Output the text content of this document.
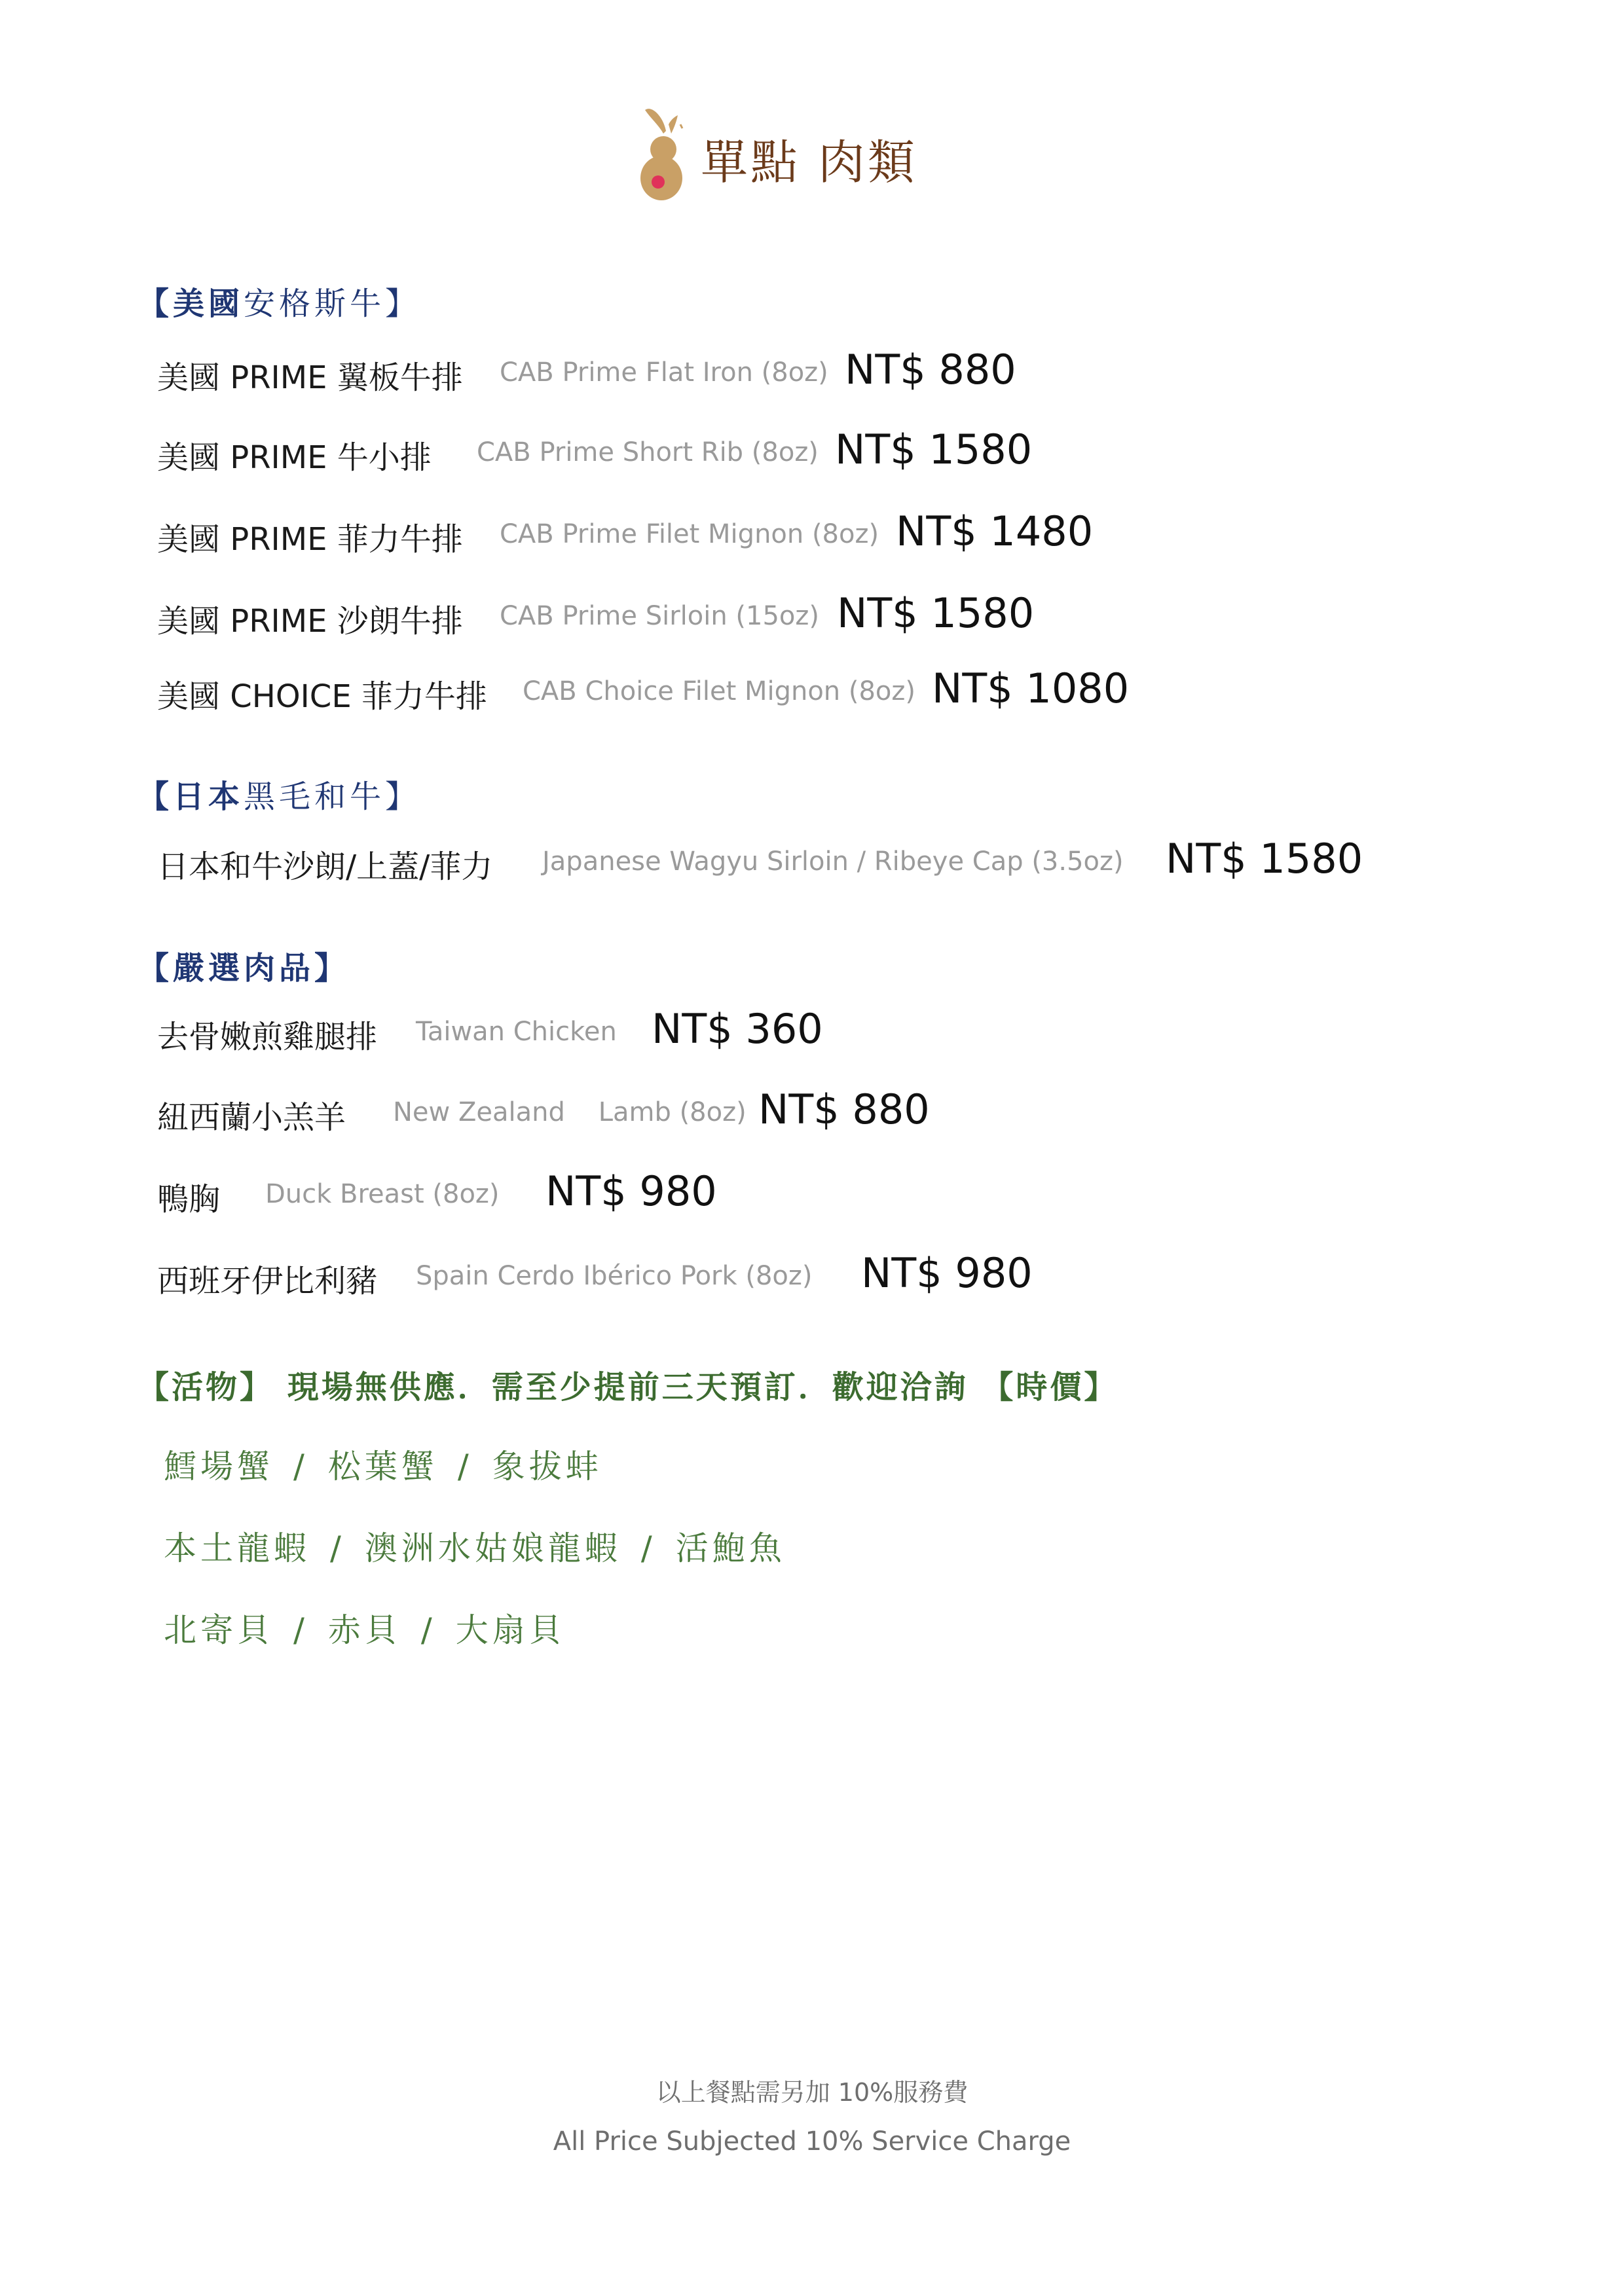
單點 肉類
【美國安格斯牛】
美國 PRIME 翼板牛排 CAB Prime Flat Iron (8oz) NT$ 880
美國 PRIME 牛小排 CAB Prime Short Rib (8oz) NT$ 1580
美國 PRIME 菲力牛排 CAB Prime Filet Mignon (8oz) NT$ 1480
美國 PRIME 沙朗牛排 CAB Prime Sirloin (15oz) NT$ 1580
美國 CHOICE 菲力牛排 CAB Choice Filet Mignon (8oz) NT$ 1080
【日本黑毛和牛】
日本和牛沙朗/上蓋/菲力 Japanese Wagyu Sirloin / Ribeye Cap (3.5oz) NT$ 1580
【嚴選肉品】
去骨嫩煎雞腿排 Taiwan Chicken NT$ 360
紐西蘭小羔羊 New Zealand    Lamb (8oz) NT$ 880
鴨胸 Duck Breast (8oz) NT$ 980
西班牙伊比利豬 Spain Cerdo Ibérico Pork (8oz) NT$ 980
【活物】 現場無供應．需至少提前三天預訂．歡迎洽詢 【時價】
鱈場蟹 / 松葉蟹 / 象拔蚌
本土龍蝦 / 澳洲水姑娘龍蝦 / 活鮑魚
北寄貝 / 赤貝 / 大扇貝
以上餐點需另加 10%服務費
All Price Subjected 10% Service Charge
